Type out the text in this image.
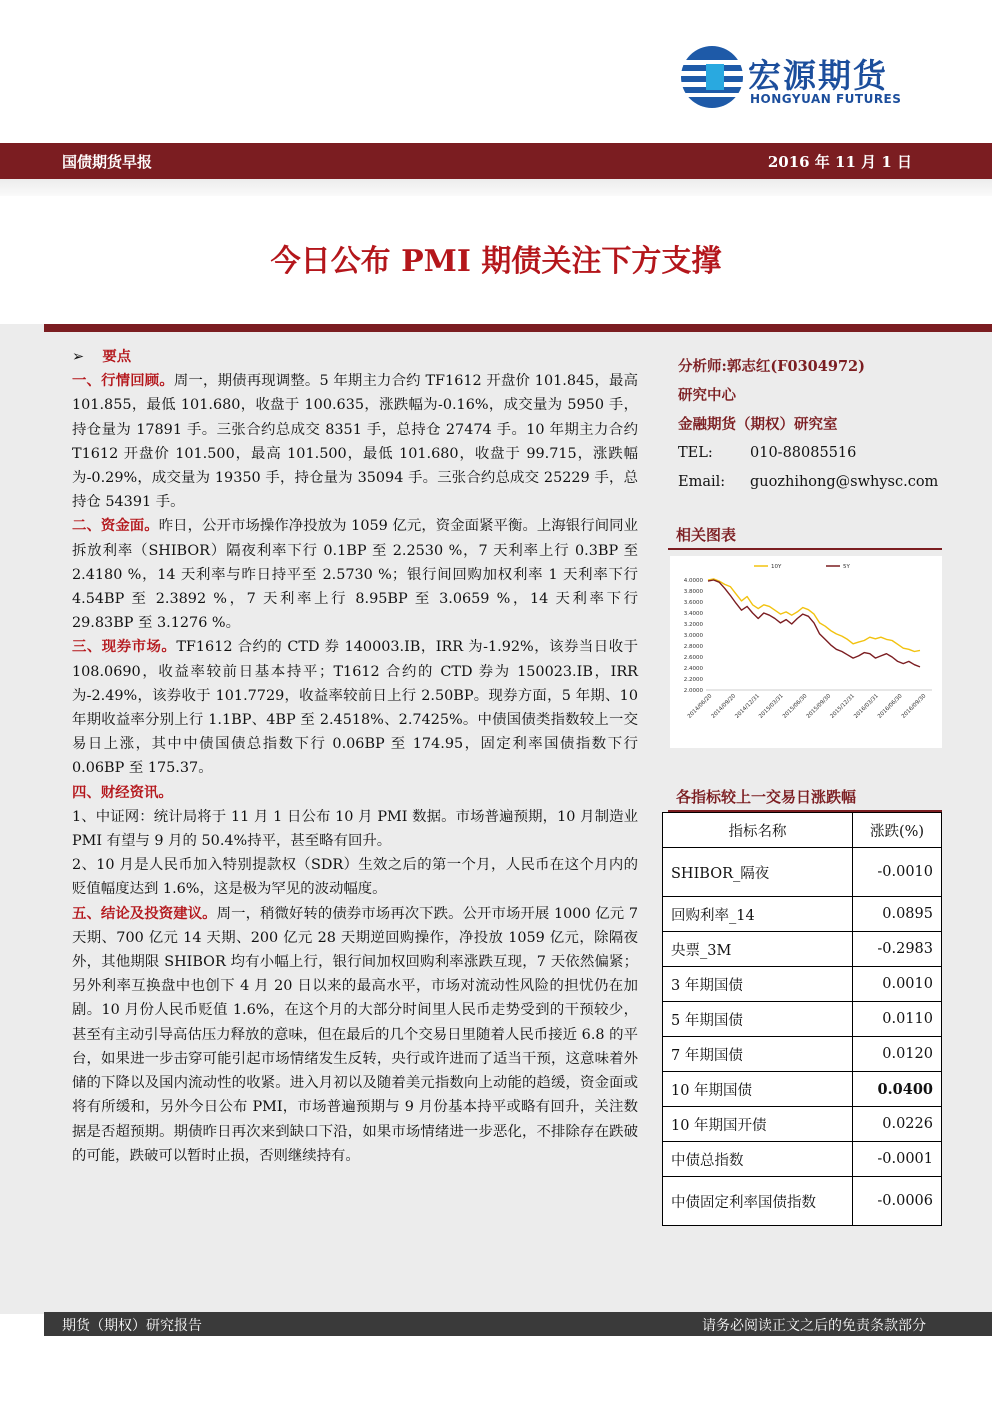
宏源期货
HONGYUAN FUTURES
国债期货早报	2016 年 11 月 1 日
今日公布 PMI 期债关注下方支撑

➢ 要点

一、行情回顾。周一，期债再现调整。5 年期主力合约 TF1612 开盘价 101.845，最高 101.855，最低 101.680，收盘于 100.635，涨跌幅为-0.16%，成交量为 5950 手，持仓量为 17891 手。三张合约总成交 8351 手，总持仓 27474 手。10 年期主力合约 T1612 开盘价 101.500，最高 101.500，最低 101.680，收盘于 99.715，涨跌幅为-0.29%，成交量为 19350 手，持仓量为 35094 手。三张合约总成交 25229 手，总持仓 54391 手。

二、资金面。昨日，公开市场操作净投放为 1059 亿元，资金面紧平衡。上海银行间同业拆放利率（SHIBOR）隔夜利率下行 0.1BP 至 2.2530 %，7 天利率上行 0.3BP 至 2.4180 %，14 天利率与昨日持平至 2.5730 %；银行间回购加权利率 1 天利率下行 4.54BP 至 2.3892 %，7 天利率上行 8.95BP 至 3.0659 %，14 天利率下行 29.83BP 至 3.1276 %。

三、现券市场。TF1612 合约的 CTD 券 140003.IB，IRR 为-1.92%，该券当日收于 108.0690，收益率较前日基本持平；T1612 合约的 CTD 券为 150023.IB，IRR 为-2.49%，该券收于 101.7729，收益率较前日上行 2.50BP。现券方面，5 年期、10 年期收益率分别上行 1.1BP、4BP 至 2.4518%、2.7425%。中债国债类指数较上一交易日上涨，其中中债国债总指数下行 0.06BP 至 174.95，固定利率国债指数下行 0.06BP 至 175.37。

四、财经资讯。

1、中证网：统计局将于 11 月 1 日公布 10 月 PMI 数据。市场普遍预期，10 月制造业 PMI 有望与 9 月的 50.4%持平，甚至略有回升。

2、10 月是人民币加入特别提款权（SDR）生效之后的第一个月，人民币在这个月内的贬值幅度达到 1.6%，这是极为罕见的波动幅度。

五、结论及投资建议。周一，稍微好转的债券市场再次下跌。公开市场开展 1000 亿元 7 天期、700 亿元 14 天期、200 亿元 28 天期逆回购操作，净投放 1059 亿元，除隔夜外，其他期限 SHIBOR 均有小幅上行，银行间加权回购利率涨跌互现，7 天依然偏紧；另外利率互换盘中也创下 4 月 20 日以来的最高水平，市场对流动性风险的担忧仍在加剧。10 月份人民币贬值 1.6%，在这个月的大部分时间里人民币走势受到的干预较少，甚至有主动引导高估压力释放的意味，但在最后的几个交易日里随着人民币接近 6.8 的平台，如果进一步击穿可能引起市场情绪发生反转，央行或许进而了适当干预，这意味着外储的下降以及国内流动性的收紧。进入月初以及随着美元指数向上动能的趋缓，资金面或将有所缓和，另外今日公布 PMI，市场普遍预期与 9 月份基本持平或略有回升，关注数据是否超预期。期债昨日再次来到缺口下沿，如果市场情绪进一步恶化，不排除存在跌破的可能，跌破可以暂时止损，否则继续持有。

分析师:郭志红(F0304972)
研究中心
金融期货（期权）研究室
TEL:	010-88085516
Email:	guozhihong@swhysc.com
相关图表
4.0000
3.8000
3.6000
3.4000
3.2000
3.0000
2.8000
2.6000
2.4000
2.2000
2.0000
2014/06/20
2014/09/20
2014/12/31
2015/03/31
2015/06/30
2015/09/30
2015/12/31
2016/03/31
2016/06/30
2016/09/30
10Y	5Y
各指标较上一交易日涨跌幅
指标名称	涨跌(%)
SHIBOR_隔夜	-0.0010
回购利率_14	0.0895
央票_3M	-0.2983
3 年期国债	0.0010
5 年期国债	0.0110
7 年期国债	0.0120
10 年期国债	0.0400
10 年期国开债	0.0226
中债总指数	-0.0001
中债固定利率国债指数	-0.0006
期货（期权）研究报告	请务必阅读正文之后的免责条款部分
